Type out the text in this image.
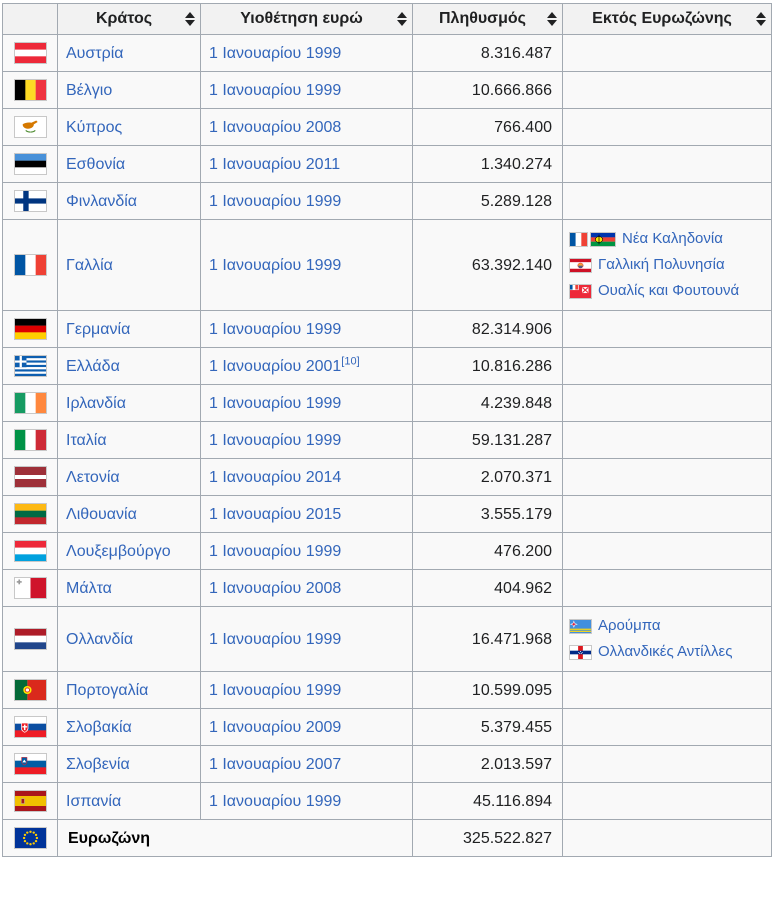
	Κράτος	Υιοθέτηση ευρώ	Πληθυσμός	Εκτός Ευρωζώνης

	Αυστρία	1 Ιανουαρίου 1999	8.316.487	

	Βέλγιο	1 Ιανουαρίου 1999	10.666.866	

	Κύπρος	1 Ιανουαρίου 2008	766.400	

	Εσθονία	1 Ιανουαρίου 2011	1.340.274	

	Φινλανδία	1 Ιανουαρίου 1999	5.289.128	

	Γαλλία	1 Ιανουαρίου 1999	63.392.140	Νέα Καληδονία
Γαλλική Πολυνησία
Ουαλίς και Φουτουνά

	Γερμανία	1 Ιανουαρίου 1999	82.314.906	

	Ελλάδα	1 Ιανουαρίου 2001[10]	10.816.286	

	Ιρλανδία	1 Ιανουαρίου 1999	4.239.848	

	Ιταλία	1 Ιανουαρίου 1999	59.131.287	

	Λετονία	1 Ιανουαρίου 2014	2.070.371	

	Λιθουανία	1 Ιανουαρίου 2015	3.555.179	

	Λουξεμβούργο	1 Ιανουαρίου 1999	476.200	

	Μάλτα	1 Ιανουαρίου 2008	404.962	

	Ολλανδία	1 Ιανουαρίου 1999	16.471.968	Αρούμπα
Ολλανδικές Αντίλλες

	Πορτογαλία	1 Ιανουαρίου 1999	10.599.095	

	Σλοβακία	1 Ιανουαρίου 2009	5.379.455	

	Σλοβενία	1 Ιανουαρίου 2007	2.013.597	

	Ισπανία	1 Ιανουαρίου 1999	45.116.894	

	Ευρωζώνη		325.522.827	
